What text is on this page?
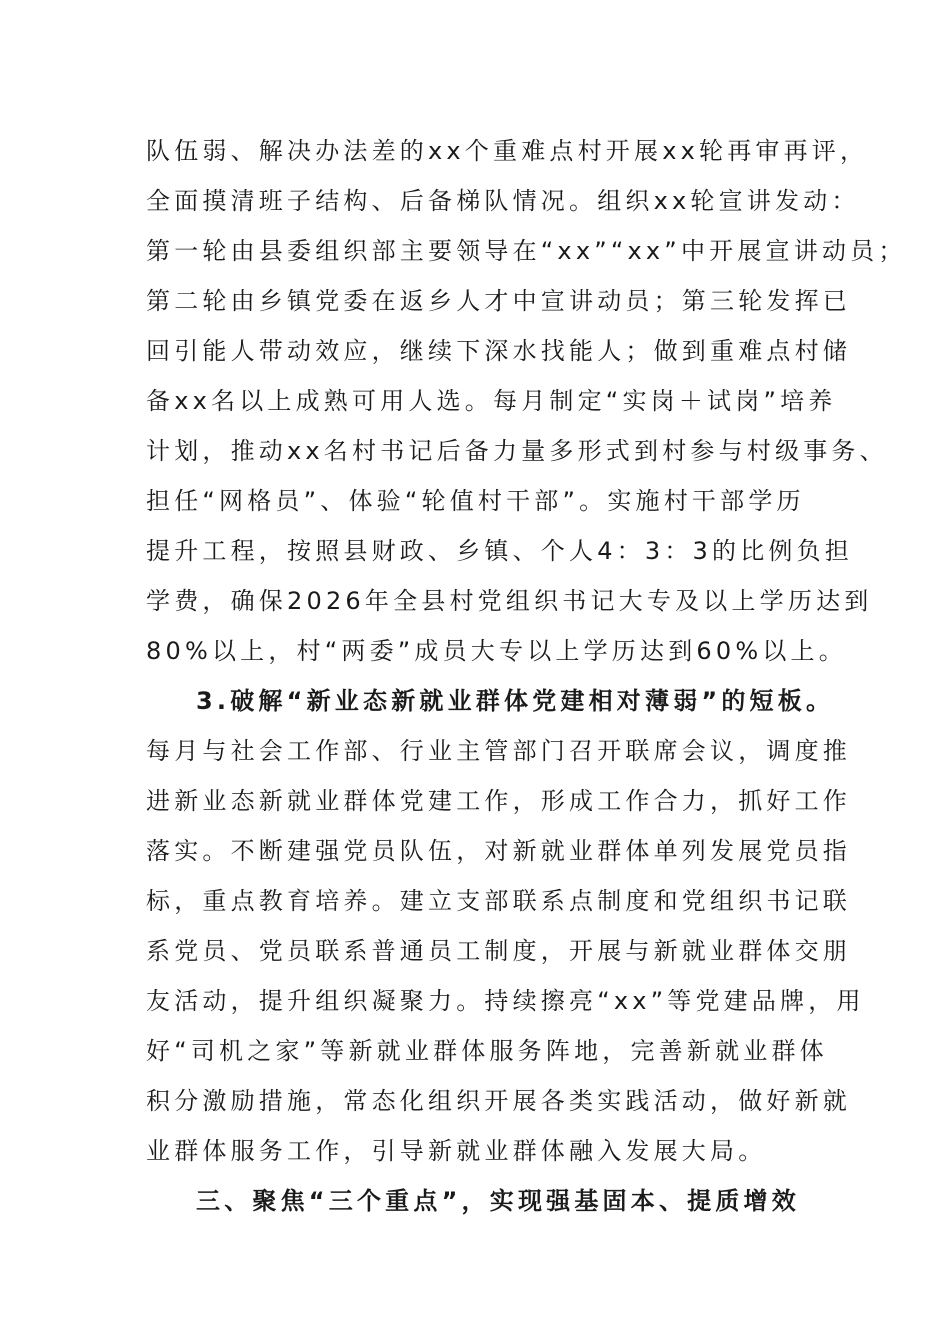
队伍弱、解决办法差的xx个重难点村开展xx轮再审再评，
全面摸清班子结构、后备梯队情况。组织xx轮宣讲发动：
第一轮由县委组织部主要领导在“xx”“xx”中开展宣讲动员；
第二轮由乡镇党委在返乡人才中宣讲动员；第三轮发挥已
回引能人带动效应，继续下深水找能人；做到重难点村储
备xx名以上成熟可用人选。每月制定“实岗＋试岗”培养
计划，推动xx名村书记后备力量多形式到村参与村级事务、
担任“网格员”、体验“轮值村干部”。实施村干部学历
提升工程，按照县财政、乡镇、个人4：3：3的比例负担
学费，确保2026年全县村党组织书记大专及以上学历达到
80%以上，村“两委”成员大专以上学历达到60%以上。
3.破解“新业态新就业群体党建相对薄弱”的短板。
每月与社会工作部、行业主管部门召开联席会议，调度推
进新业态新就业群体党建工作，形成工作合力，抓好工作
落实。不断建强党员队伍，对新就业群体单列发展党员指
标，重点教育培养。建立支部联系点制度和党组织书记联
系党员、党员联系普通员工制度，开展与新就业群体交朋
友活动，提升组织凝聚力。持续擦亮“xx”等党建品牌，用
好“司机之家”等新就业群体服务阵地，完善新就业群体
积分激励措施，常态化组织开展各类实践活动，做好新就
业群体服务工作，引导新就业群体融入发展大局。
三、聚焦“三个重点”，实现强基固本、提质增效
